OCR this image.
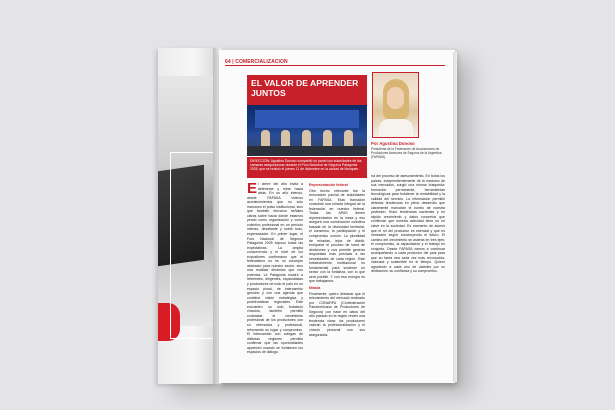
64 | COMERCIALIZACION
EL VALOR DE APRENDER JUNTOS
DIRECCIÓN: Agustina Donoso compartió un panel con autoridades de las cámaras aseguradoras durante el Foro Nacional de Seguros Patagonia 2025, que se realizó el jueves 11 de diciembre en la ciudad de Neuquén.
Por Agustina Donoso
Presidenta de la Federación de Asociaciones de Productores Asesores de Seguros de la Argentina (FAPASA)
E l cierre del año invita a detenerse y mirar hacia atrás. En un año intenso, desde FAPASA vivimos acontecimientos que no solo marcaron el pulso institucional, sino que también elevaron señales claras sobre hacia dónde estamos yendo como organización y como colectivo profesional en un período intenso, desafiante y sobre todo, esperanzador. En primer lugar, el Foro Nacional de Seguros Patagonia 2025 expuso todas las expectativas. La amplia concurrencia y el nivel de los expositores confirmaron que el federalismo no es un concepto abstracto para nuestro sector, sino una realidad dinámica que nos potencia. La Patagonia mostró a referentes, dirigentes, especialistas y productores de todo el país en un espacio plural, de intercambio genuino y con una agenda que combinó visión estratégica y problemáticas regionales. Este encuentro no sólo fortaleció vínculos, también permitió contrastar el crecimiento profesional de los productores con su relevancia y profesional, reforzando su lugar y compromiso. El intercambio con colegas de distintas regiones permitió confirmar que las oportunidades aparecen cuando se fortalecen los espacios de diálogo.
Representación federal

Otro hecho relevante fue la renovación parcial de autoridades en FAPASA. Esta transición consolidó una mirada integral de la federación en nuestro federal. Todas las APAS tienen representación en la mesa y eso asegura una construcción colectiva basada en la diversidad territorial, el consenso, la participación y el compromiso común. La pluralidad de miradas, lejos de dividir, enriquece el proceso de toma de decisiones y nos permite generar respuestas más precisas a las necesidades de cada región. Este fortalecimiento institucional es fundamental para sostener un sector con la fortaleza, con lo que será posible. Y con esa energía es que trabajamos.

Mirada

Finalmente, quiero destacar que el relevamiento del mercado realizado por CONARPA (Confederación Panamericana de Productores de Seguros) con base en datos del año pasado en la región reveló una tendencia clara: los productores valoran la profesionalización y el vínculo personal con sus asegurados.

ría del proceso de asesoramiento. En todos los países, independientemente de la madurez de sus mercados, surgió una misma búsqueda: formación permanente, herramientas tecnológicas para fortalecer la rentabilidad y la calidad del servicio. La información permitió detectar tendencias en pleno desarrollo que claramente marcarán el rumbo de nuestra profesión. Hubo tendencias nacientes y en rápido crecimiento y datos concretos que confirman que nuestra actividad tiene un rol clave en la sociedad. Es momento de asumir que el rol del productor es esencial y que es necesario seguir construyendo el futuro. El camino del crecimiento se asienta en tres ejes: el compromiso, la capacitación y el trabajo en conjunto. Desde FAPASA vamos a continuar acompañando a cada productor del país para que su tarea sea cada vez más reconocida, valorada y sostenible en el tiempo. Quiero agradecer a cada uno de ustedes por su dedicación, su confianza y su compromiso.
